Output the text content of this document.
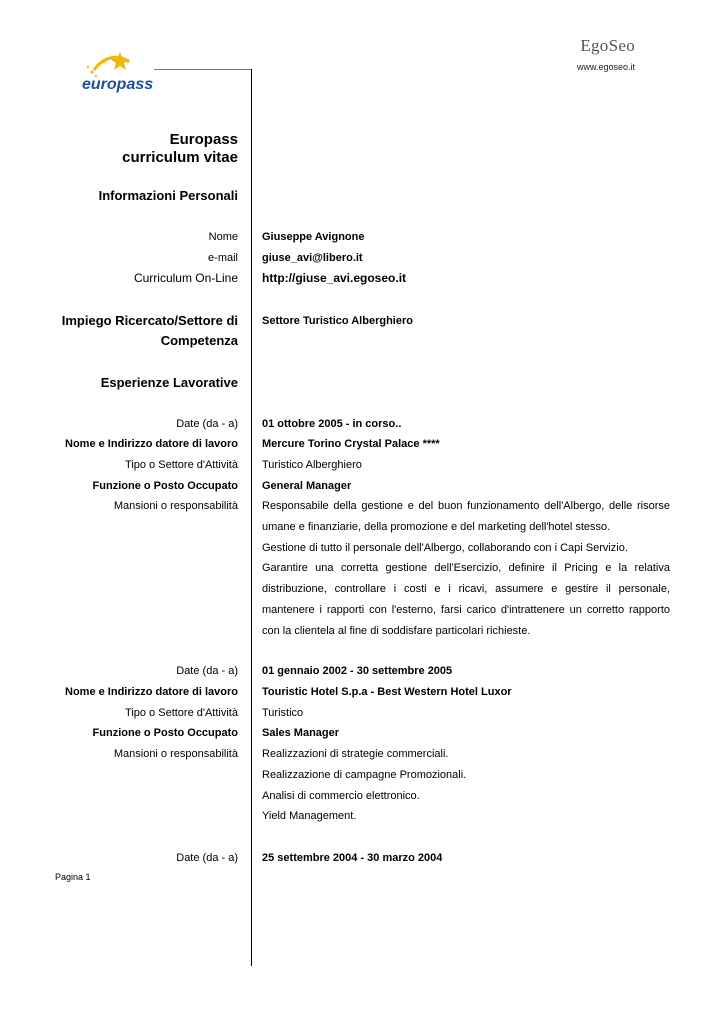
EgoSeo
www.egoseo.it
europass
Europass
curriculum vitae
Informazioni Personali
Nome Giuseppe Avignone
e-mail giuse_avi@libero.it
Curriculum On-Line http://giuse_avi.egoseo.it
Impiego Ricercato/Settore di
Competenza
Settore Turistico Alberghiero
Esperienze Lavorative
Date (da - a) 01 ottobre 2005 - in corso..
Nome e Indirizzo datore di lavoro Mercure Torino Crystal Palace ****
Tipo o Settore d'Attività Turistico Alberghiero
Funzione o Posto Occupato General Manager
Mansioni o responsabilità Responsabile della gestione e del buon funzionamento dell'Albergo, delle risorse umane e finanziarie, della promozione e del marketing dell'hotel stesso.

Gestione di tutto il personale dell'Albergo, collaborando con i Capi Servizio.

Garantire una corretta gestione dell'Esercizio, definire il Pricing e la relativa distribuzione, controllare i costi e i ricavi, assumere e gestire il personale, mantenere i rapporti con l'esterno, farsi carico d'intrattenere un corretto rapporto con la clientela al fine di soddisfare particolari richieste.

Date (da - a) 01 gennaio 2002 - 30 settembre 2005
Nome e Indirizzo datore di lavoro Touristic Hotel S.p.a - Best Western Hotel Luxor
Tipo o Settore d'Attività Turistico
Funzione o Posto Occupato Sales Manager
Mansioni o responsabilità Realizzazioni di strategie commerciali.

Realizzazione di campagne Promozionali.

Analisi di commercio elettronico.

Yield Management.

Date (da - a) 25 settembre 2004 - 30 marzo 2004
Pagina 1
